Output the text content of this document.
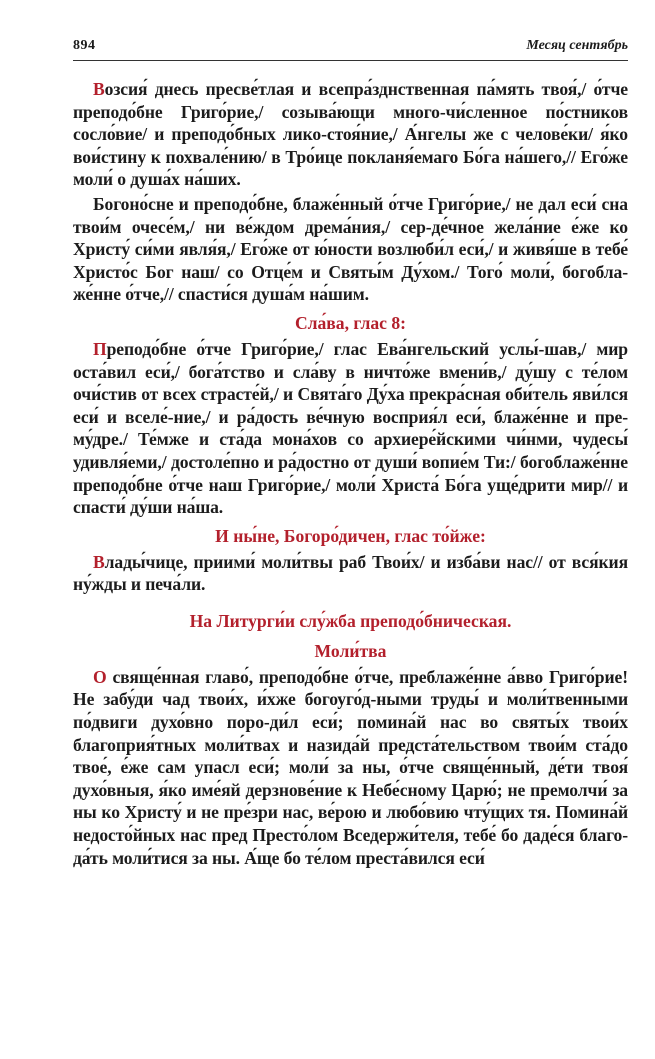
894	Месяц сентябрь

Возсия́ днесь пресве́тлая и всепра́зднственная па́мять твоя́,/ о́тче преподо́бне Григо́рие,/ созыва́ющи много-чи́сленное по́стников сосло́вие/ и преподо́бных лико-стоя́ние,/ А́нгелы же с челове́ки/ я́ко вои́стину к похвале́нию/ в Тро́ице покланя́емаго Бо́га на́шего,// Его́же моли́ о душа́х на́ших.

Богоно́сне и преподо́бне, блаже́нный о́тче Григо́рие,/ не дал еси́ сна твои́м очесе́м,/ ни ве́ждом дрема́ния,/ сер-де́чное жела́ние е́же ко Христу́ си́ми явля́я,/ Его́же от ю́ности возлюби́л еси́,/ и живя́ше в тебе́ Христо́с Бог наш/ со Отце́м и Святы́м Ду́хом./ Того́ моли́, богобла-же́нне о́тче,// спасти́ся душа́м на́шим.

Сла́ва, глас 8:

Преподо́бне о́тче Григо́рие,/ глас Ева́нгельский услы́-шав,/ мир оста́вил еси́,/ бога́тство и сла́ву в ничто́же вмени́в,/ ду́шу с те́лом очи́стив от всех страсте́й,/ и Свята́го Ду́ха прекра́сная оби́тель яви́лся еси́ и вселе́-ние,/ и ра́дость ве́чную восприя́л еси́, блаже́нне и пре-му́дре./ Те́мже и ста́да мона́хов со архиере́йскими чи́нми, чудесы́ удивля́еми,/ достоле́пно и ра́достно от души́ вопие́м Ти:/ богоблаже́нне преподо́бне о́тче наш Григо́рие,/ моли́ Христа́ Бо́га уще́дрити мир// и спасти́ ду́ши на́ша.

И ны́не, Богоро́дичен, глас то́йже:

Влады́чице, приими́ моли́твы раб Твои́х/ и изба́ви нас// от вся́кия ну́жды и печа́ли.

На Литурги́и слу́жба преподо́бническая.
Моли́тва

О свяще́нная главо́, преподо́бне о́тче, преблаже́нне а́вво Григо́рие! Не забу́ди чад твои́х, и́хже богоуго́д-ными труды́ и моли́твенными по́двиги духо́вно поро-ди́л еси́; помина́й нас во святы́х твои́х благоприя́тных моли́твах и назида́й предста́тельством твои́м ста́до твое́, е́же сам упасл еси́; моли́ за ны, о́тче свяще́нный, де́ти твоя́ духо́вныя, я́ко име́яй дерзнове́ние к Небе́сному Царю́; не премолчи́ за ны ко Христу́ и не пре́зри нас, ве́рою и любо́вию чту́щих тя. Помина́й недосто́йных нас пред Престо́лом Вседержи́теля, тебе́ бо даде́ся благо-да́ть моли́тися за ны. А́ще бо те́лом преста́вился еси́
